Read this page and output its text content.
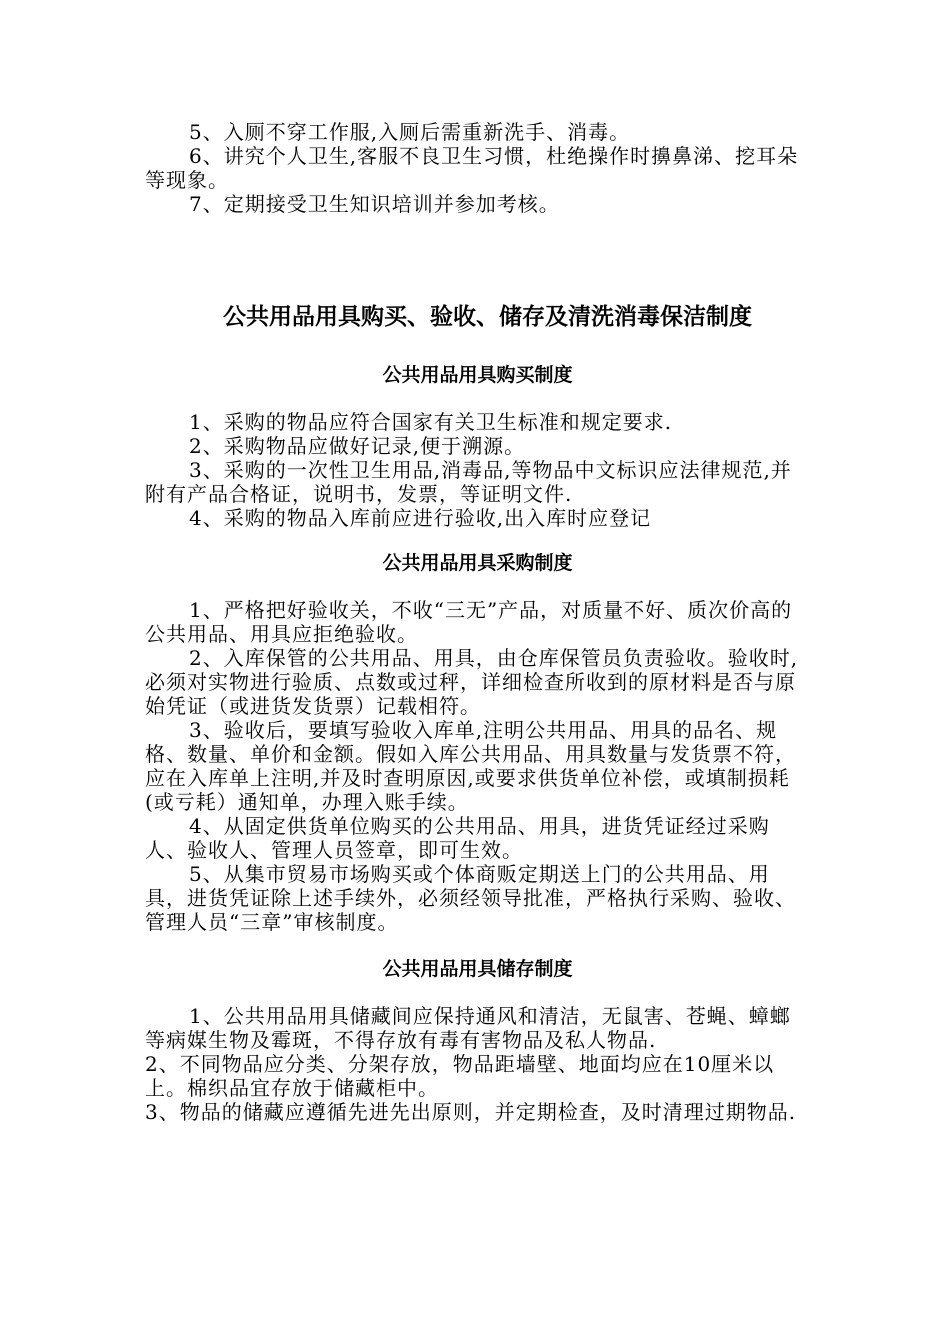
5、入厕不穿工作服,入厕后需重新洗手、消毒。

6、讲究个人卫生,客服不良卫生习惯，杜绝操作时擤鼻涕、挖耳朵等现象。

7、定期接受卫生知识培训并参加考核。

公共用品用具购买、验收、储存及清洗消毒保洁制度
公共用品用具购买制度

1、采购的物品应符合国家有关卫生标准和规定要求.

2、采购物品应做好记录,便于溯源。

3、采购的一次性卫生用品,消毒品,等物品中文标识应法律规范,并附有产品合格证，说明书，发票，等证明文件.

4、采购的物品入库前应进行验收,出入库时应登记

公共用品用具采购制度

1、严格把好验收关，不收“三无”产品，对质量不好、质次价高的公共用品、用具应拒绝验收。

2、入库保管的公共用品、用具，由仓库保管员负责验收。验收时,必须对实物进行验质、点数或过秤，详细检查所收到的原材料是否与原始凭证（或进货发货票）记载相符。

3、验收后，要填写验收入库单,注明公共用品、用具的品名、规格、数量、单价和金额。假如入库公共用品、用具数量与发货票不符，应在入库单上注明,并及时查明原因,或要求供货单位补偿，或填制损耗(或亏耗）通知单，办理入账手续。

4、从固定供货单位购买的公共用品、用具，进货凭证经过采购人、验收人、管理人员签章，即可生效。

5、从集市贸易市场购买或个体商贩定期送上门的公共用品、用具，进货凭证除上述手续外，必须经领导批准，严格执行采购、验收、管理人员“三章”审核制度。

公共用品用具储存制度

1、公共用品用具储藏间应保持通风和清洁，无鼠害、苍蝇、蟑螂等病媒生物及霉斑，不得存放有毒有害物品及私人物品.

2、不同物品应分类、分架存放，物品距墙壁、地面均应在10厘米以上。棉织品宜存放于储藏柜中。

3、物品的储藏应遵循先进先出原则，并定期检查，及时清理过期物品.
